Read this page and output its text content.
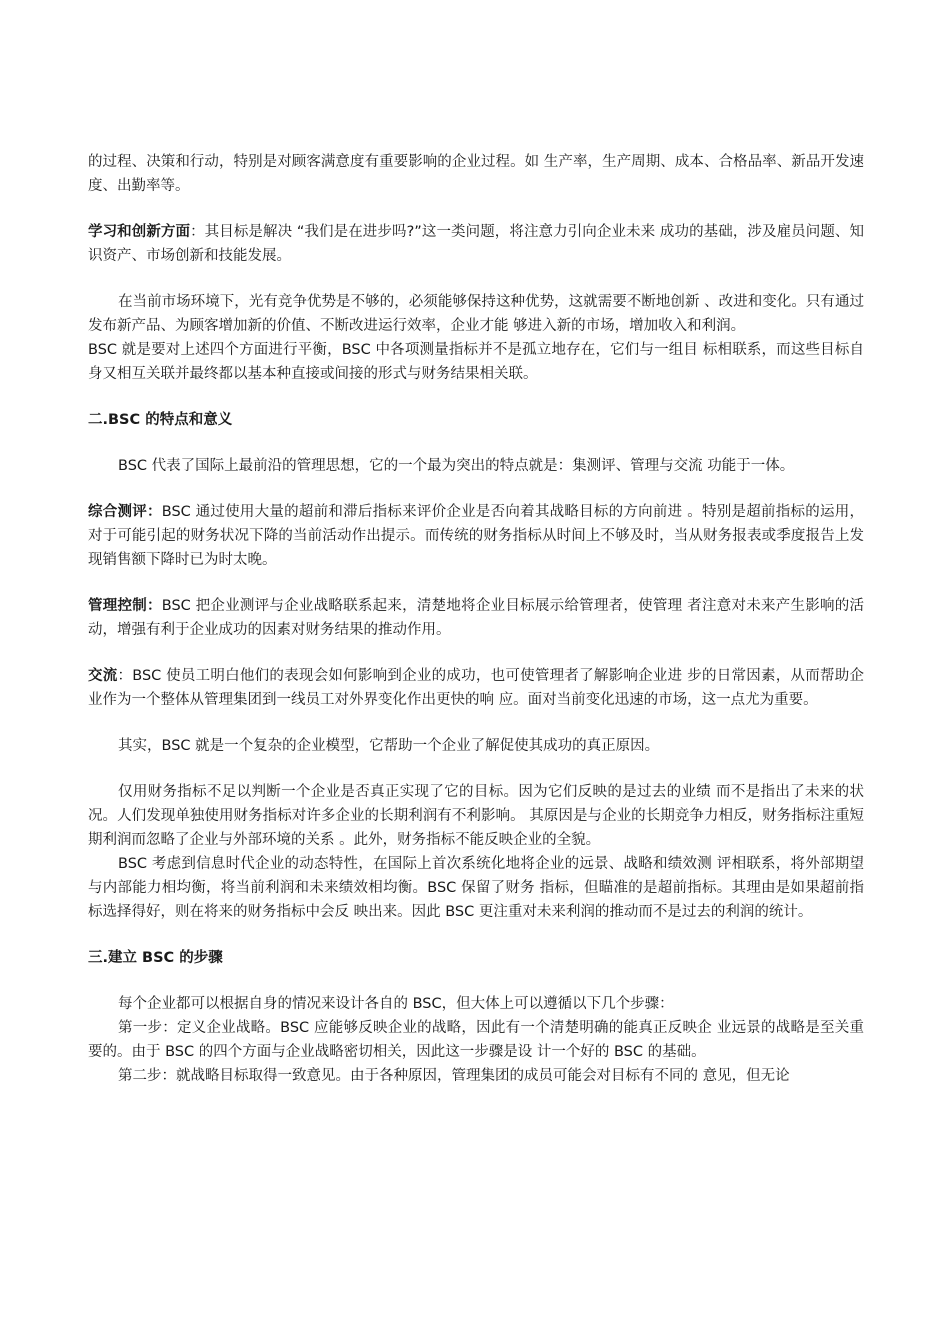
的过程、决策和行动，特别是对顾客满意度有重要影响的企业过程。如 生产率，生产周期、成本、合格品率、新品开发速度、出勤率等。

学习和创新方面：其目标是解决 “我们是在进步吗?”这一类问题，将注意力引向企业未来 成功的基础，涉及雇员问题、知识资产、市场创新和技能发展。

在当前市场环境下，光有竞争优势是不够的，必须能够保持这种优势，这就需要不断地创新 、改进和变化。只有通过发布新产品、为顾客增加新的价值、不断改进运行效率，企业才能 够进入新的市场，增加收入和利润。

BSC 就是要对上述四个方面进行平衡，BSC 中各项测量指标并不是孤立地存在，它们与一组目 标相联系，而这些目标自身又相互关联并最终都以基本种直接或间接的形式与财务结果相关联。

二.BSC 的特点和意义

BSC 代表了国际上最前沿的管理思想，它的一个最为突出的特点就是：集测评、管理与交流 功能于一体。

综合测评：BSC 通过使用大量的超前和滞后指标来评价企业是否向着其战略目标的方向前进 。特别是超前指标的运用，对于可能引起的财务状况下降的当前活动作出提示。而传统的财务指标从时间上不够及时，当从财务报表或季度报告上发现销售额下降时已为时太晚。

管理控制：BSC 把企业测评与企业战略联系起来，清楚地将企业目标展示给管理者，使管理 者注意对未来产生影响的活动，增强有利于企业成功的因素对财务结果的推动作用。

交流：BSC 使员工明白他们的表现会如何影响到企业的成功，也可使管理者了解影响企业进 步的日常因素，从而帮助企业作为一个整体从管理集团到一线员工对外界变化作出更快的响 应。面对当前变化迅速的市场，这一点尤为重要。

其实，BSC 就是一个复杂的企业模型，它帮助一个企业了解促使其成功的真正原因。

仅用财务指标不足以判断一个企业是否真正实现了它的目标。因为它们反映的是过去的业绩 而不是指出了未来的状况。人们发现单独使用财务指标对许多企业的长期利润有不利影响。 其原因是与企业的长期竞争力相反，财务指标注重短期利润而忽略了企业与外部环境的关系 。此外，财务指标不能反映企业的全貌。

BSC 考虑到信息时代企业的动态特性，在国际上首次系统化地将企业的远景、战略和绩效测 评相联系，将外部期望与内部能力相均衡，将当前利润和未来绩效相均衡。BSC 保留了财务 指标，但瞄准的是超前指标。其理由是如果超前指标选择得好，则在将来的财务指标中会反 映出来。因此 BSC 更注重对未来利润的推动而不是过去的利润的统计。

三.建立 BSC 的步骤

每个企业都可以根据自身的情况来设计各自的 BSC，但大体上可以遵循以下几个步骤：

第一步：定义企业战略。BSC 应能够反映企业的战略，因此有一个清楚明确的能真正反映企 业远景的战略是至关重要的。由于 BSC 的四个方面与企业战略密切相关，因此这一步骤是设 计一个好的 BSC 的基础。

第二步：就战略目标取得一致意见。由于各种原因，管理集团的成员可能会对目标有不同的 意见，但无论
